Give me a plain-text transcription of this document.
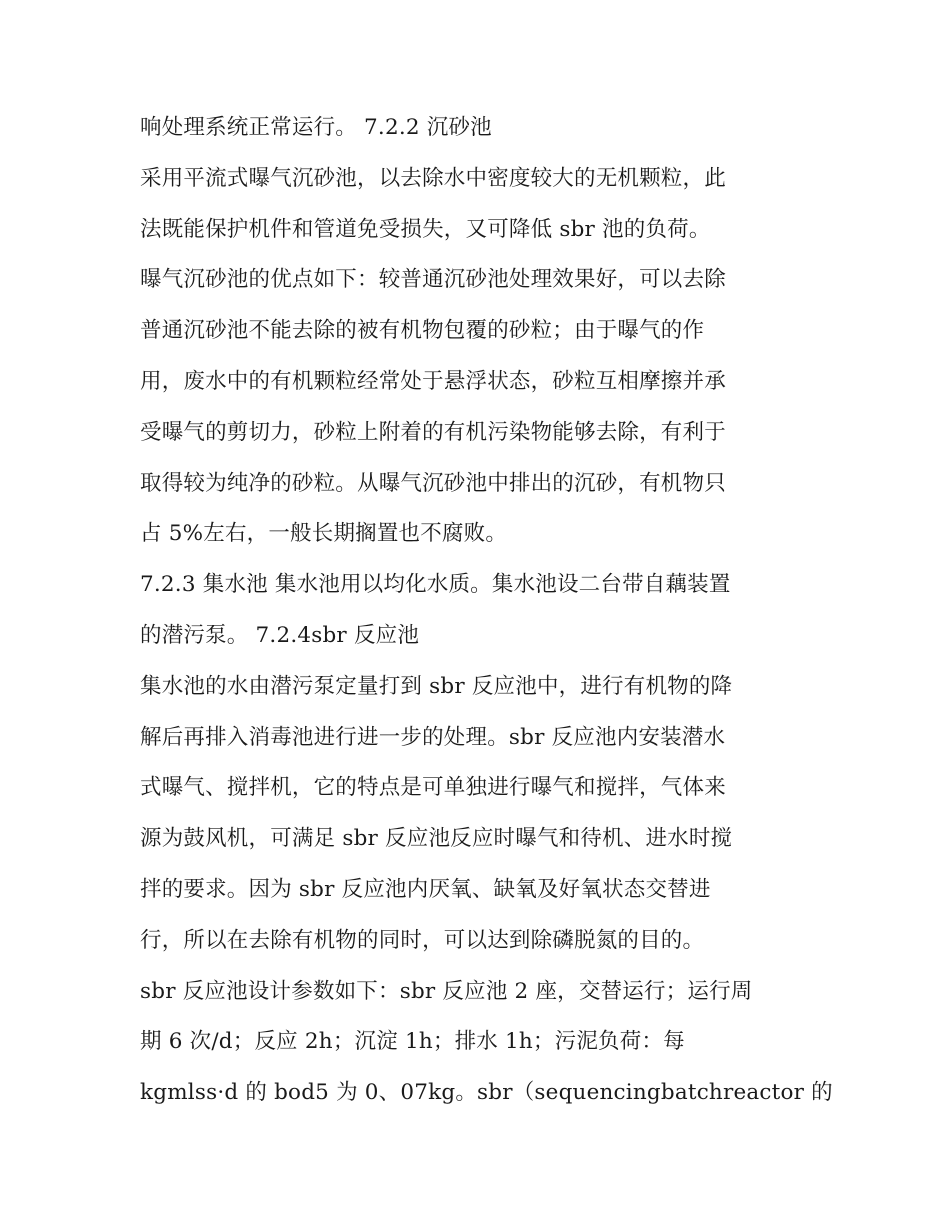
响处理系统正常运行。 7.2.2 沉砂池

采用平流式曝气沉砂池，以去除水中密度较大的无机颗粒，此

法既能保护机件和管道免受损失，又可降低 sbr 池的负荷。

曝气沉砂池的优点如下：较普通沉砂池处理效果好，可以去除

普通沉砂池不能去除的被有机物包覆的砂粒；由于曝气的作

用，废水中的有机颗粒经常处于悬浮状态，砂粒互相摩擦并承

受曝气的剪切力，砂粒上附着的有机污染物能够去除，有利于

取得较为纯净的砂粒。从曝气沉砂池中排出的沉砂，有机物只

占 5%左右，一般长期搁置也不腐败。

7.2.3 集水池 集水池用以均化水质。集水池设二台带自藕装置

的潜污泵。 7.2.4sbr 反应池

集水池的水由潜污泵定量打到 sbr 反应池中，进行有机物的降

解后再排入消毒池进行进一步的处理。sbr 反应池内安装潜水

式曝气、搅拌机，它的特点是可单独进行曝气和搅拌，气体来

源为鼓风机，可满足 sbr 反应池反应时曝气和待机、进水时搅

拌的要求。因为 sbr 反应池内厌氧、缺氧及好氧状态交替进

行，所以在去除有机物的同时，可以达到除磷脱氮的目的。

sbr 反应池设计参数如下：sbr 反应池 2 座，交替运行；运行周

期 6 次/d；反应 2h；沉淀 1h；排水 1h；污泥负荷：每

kgmlss·d 的 bod5 为 0、07kg。sbr（sequencingbatchreactor 的
